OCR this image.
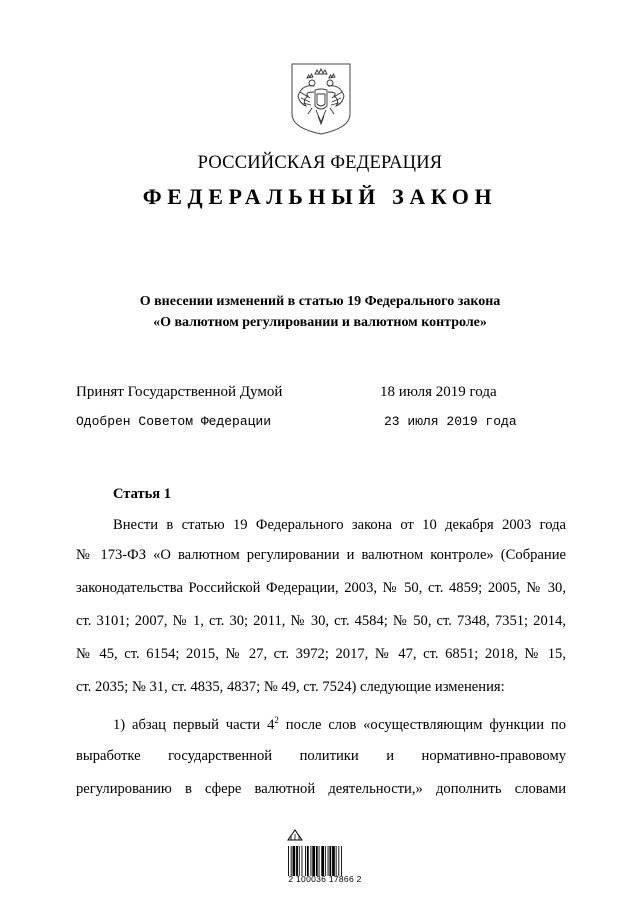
РОССИЙСКАЯ ФЕДЕРАЦИЯ
ФЕДЕРАЛЬНЫЙ ЗАКОН
О внесении изменений в статью 19 Федерального закона
«О валютном регулировании и валютном контроле»
Принят Государственной Думой	18 июля 2019 года
Одобрен Советом Федерации	23 июля 2019 года
Статья 1
Внести в статью 19 Федерального закона от 10 декабря 2003 года
№ 173-ФЗ «О валютном регулировании и валютном контроле» (Собрание
законодательства Российской Федерации, 2003, № 50, ст. 4859; 2005, № 30,
ст. 3101; 2007, № 1, ст. 30; 2011, № 30, ст. 4584; № 50, ст. 7348, 7351; 2014,
№ 45, ст. 6154; 2015, № 27, ст. 3972; 2017, № 47, ст. 6851; 2018, № 15,
ст. 2035; № 31, ст. 4835, 4837; № 49, ст. 7524) следующие изменения:
1) абзац первый части $4^2$ после слов «осуществляющим функции по
выработке государственной политики и нормативно-правовому
регулированию в сфере валютной деятельности,» дополнить словами
2 100036 17866 2
